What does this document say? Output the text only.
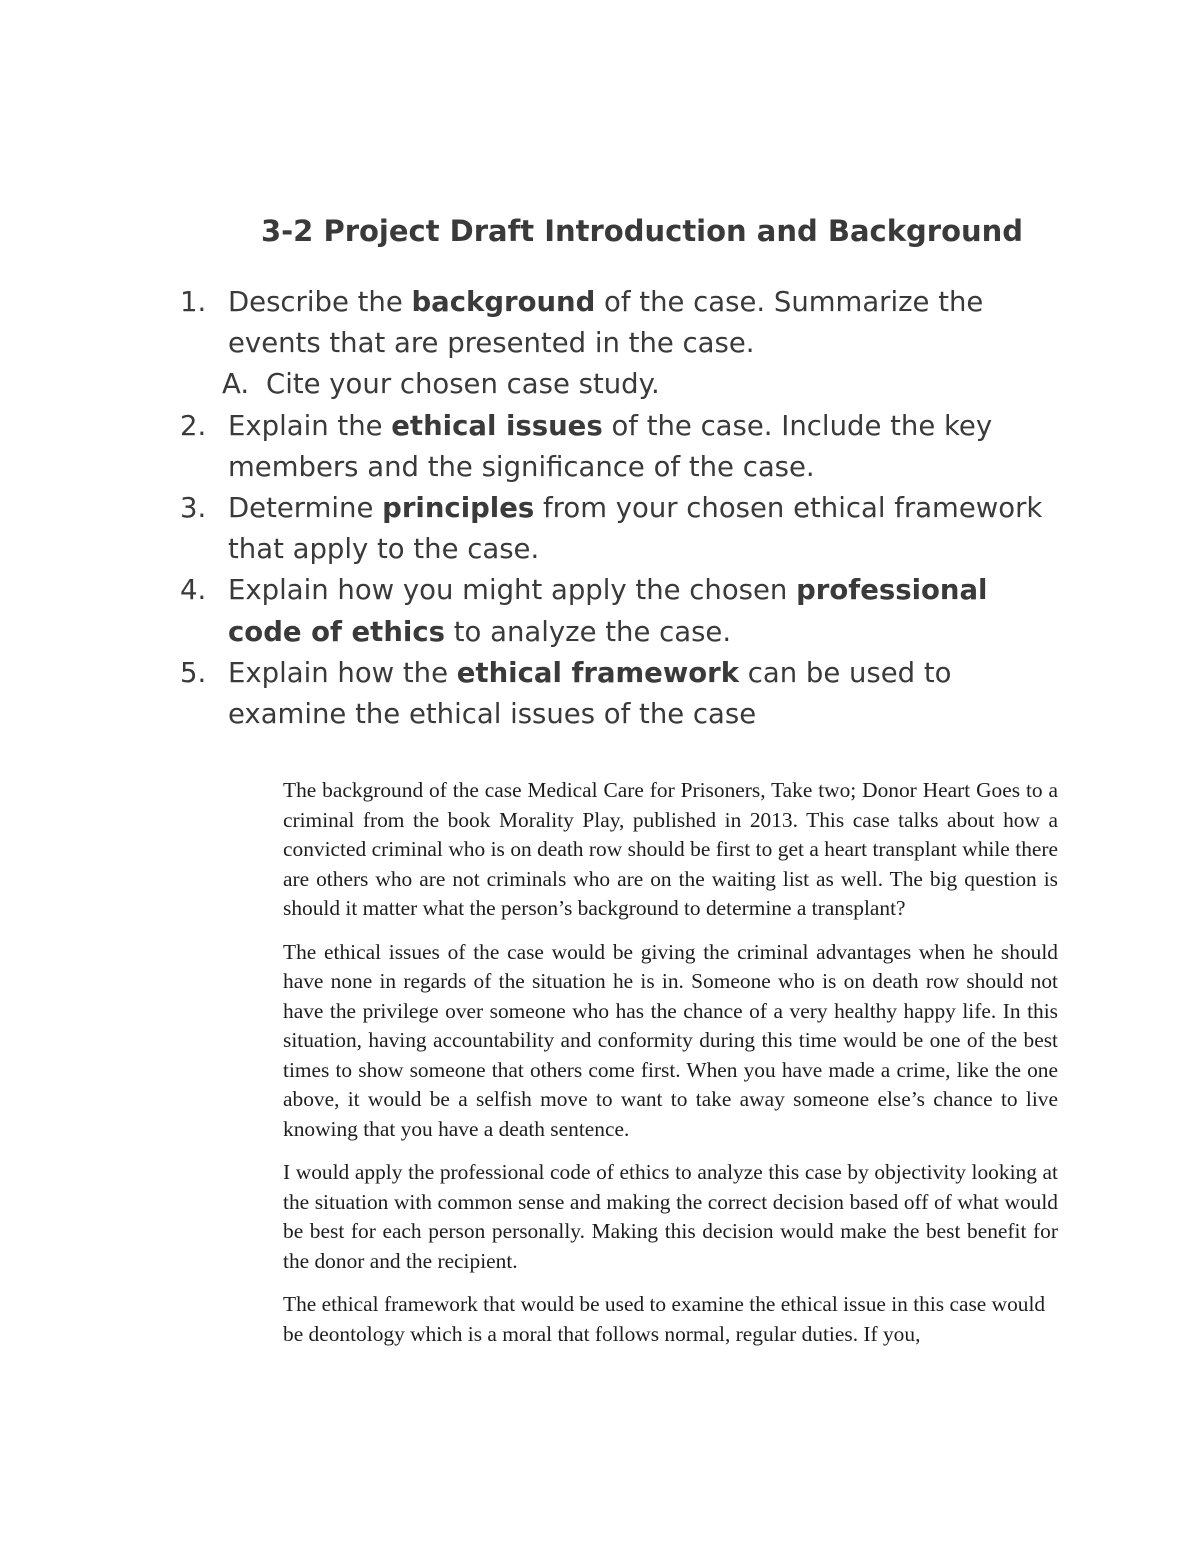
3-2 Project Draft Introduction and Background
1. Describe the background of the case. Summarize the events that are presented in the case.
A. Cite your chosen case study.
2. Explain the ethical issues of the case. Include the key members and the significance of the case.
3. Determine principles from your chosen ethical framework that apply to the case.
4. Explain how you might apply the chosen professional code of ethics to analyze the case.
5. Explain how the ethical framework can be used to examine the ethical issues of the case

The background of the case Medical Care for Prisoners, Take two; Donor Heart Goes to a criminal from the book Morality Play, published in 2013. This case talks about how a convicted criminal who is on death row should be first to get a heart transplant while there are others who are not criminals who are on the waiting list as well. The big question is should it matter what the person’s background to determine a transplant?

The ethical issues of the case would be giving the criminal advantages when he should have none in regards of the situation he is in. Someone who is on death row should not have the privilege over someone who has the chance of a very healthy happy life. In this situation, having accountability and conformity during this time would be one of the best times to show someone that others come first. When you have made a crime, like the one above, it would be a selfish move to want to take away someone else’s chance to live knowing that you have a death sentence.

I would apply the professional code of ethics to analyze this case by objectivity looking at the situation with common sense and making the correct decision based off of what would be best for each person personally. Making this decision would make the best benefit for the donor and the recipient.

The ethical framework that would be used to examine the ethical issue in this case would be deontology which is a moral that follows normal, regular duties. If you,
